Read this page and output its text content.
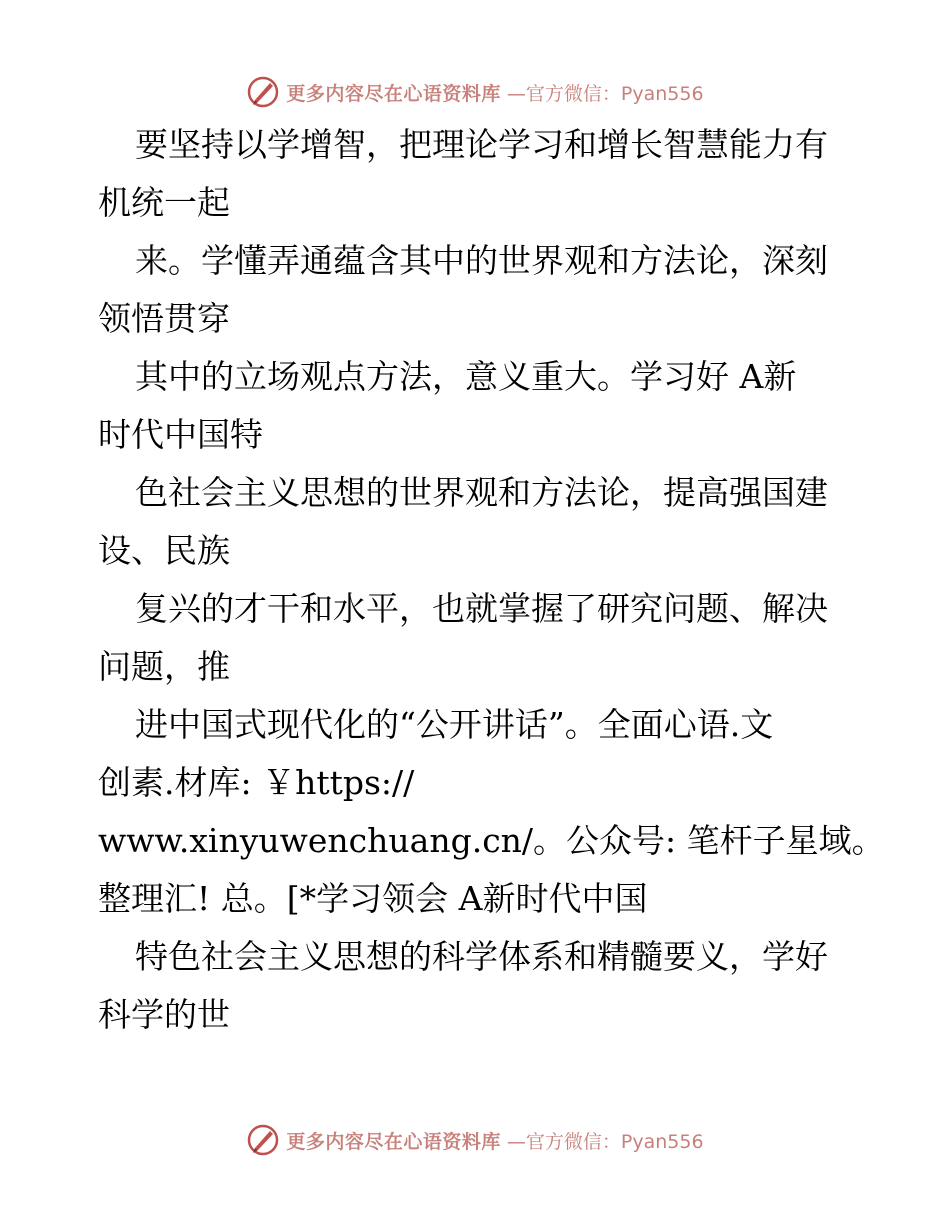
更多内容尽在心语资料库 —官方微信：Pyan556
要坚持以学增智，把理论学习和增长智慧能力有
机统一起
来。学懂弄通蕴含其中的世界观和方法论，深刻
领悟贯穿
其中的立场观点方法，意义重大。学习好 A新
时代中国特
色社会主义思想的世界观和方法论，提高强国建
设、民族
复兴的才干和水平，也就掌握了研究问题、解决
问题，推
进中国式现代化的“公开讲话”。全面心语.文
创素.材库: ￥https://
www.xinyuwenchuang.cn/。公众号: 笔杆子星域。
整理汇! 总。[*学习领会 A新时代中国
特色社会主义思想的科学体系和精髓要义，学好
科学的世
更多内容尽在心语资料库 —官方微信：Pyan556
